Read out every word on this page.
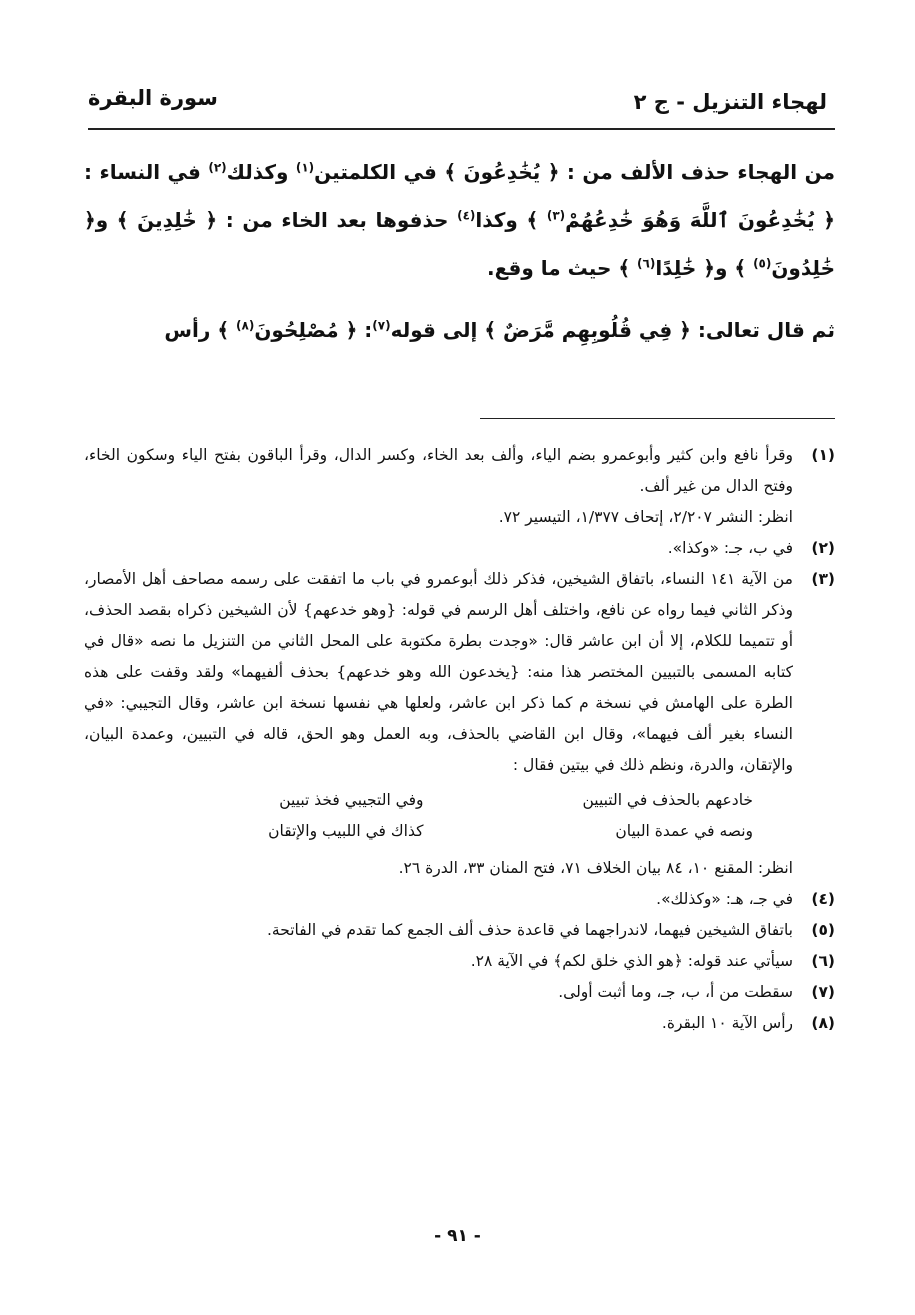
لهجاء التنزيل - ج ٢
سورة البقرة

من الهجاء حذف الألف من : ﴿ يُخَٰدِعُونَ ﴾ في الكلمتين$^{(١)}$ وكذلك$^{(٢)}$ في النساء : ﴿ يُخَٰدِعُونَ ٱللَّهَ وَهُوَ خَٰدِعُهُمْ$^{(٣)}$ ﴾ وكذا$^{(٤)}$ حذفوها بعد الخاء من : ﴿ خَٰلِدِينَ ﴾ و﴿ خَٰلِدُونَ$^{(٥)}$ ﴾ و﴿ خَٰلِدًا$^{(٦)}$ ﴾ حيث ما وقع.

ثم قال تعالى: ﴿ فِي قُلُوبِهِم مَّرَضٌ ﴾ إلى قوله$^{(٧)}$: ﴿ مُصْلِحُونَ$^{(٨)}$ ﴾ رأس

(١)

وقرأ نافع وابن كثير وأبوعمرو بضم الياء، وألف بعد الخاء، وكسر الدال، وقرأ الباقون بفتح الياء وسكون الخاء، وفتح الدال من غير ألف.

انظر: النشر ٢/٢٠٧، إتحاف ١/٣٧٧، التيسير ٧٢.

(٢)

في ب، جـ: «وكذا».

(٣)

من الآية ١٤١ النساء، باتفاق الشيخين، فذكر ذلك أبوعمرو في باب ما اتفقت على رسمه مصاحف أهل الأمصار، وذكر الثاني فيما رواه عن نافع، واختلف أهل الرسم في قوله: {وهو خدعهم} لأن الشيخين ذكراه بقصد الحذف، أو تتميما للكلام، إلا أن ابن عاشر قال: «وجدت بطرة مكتوبة على المحل الثاني من التنزيل ما نصه «قال في كتابه المسمى بالتبيين المختصر هذا منه: {يخدعون الله وهو خدعهم} بحذف ألفيهما» ولقد وقفت على هذه الطرة على الهامش في نسخة م كما ذكر ابن عاشر، ولعلها هي نفسها نسخة ابن عاشر، وقال التجيبي: «في النساء بغير ألف فيهما»، وقال ابن القاضي بالحذف، وبه العمل وهو الحق، قاله في التبيين، وعمدة البيان، والإتقان، والدرة، ونظم ذلك في بيتين فقال :

خادعهم بالحذف في التبيين
وفي التجيبي فخذ تبيين
ونصه في عمدة البيان
كذاك في اللبيب والإتقان

انظر: المقنع ١٠، ٨٤ بيان الخلاف ٧١، فتح المنان ٣٣، الدرة ٢٦.

(٤)

في جـ، هـ: «وكذلك».

(٥)

باتفاق الشيخين فيهما، لاندراجهما في قاعدة حذف ألف الجمع كما تقدم في الفاتحة.

(٦)

سيأتي عند قوله: ﴿هو الذي خلق لكم﴾ في الآية ٢٨.

(٧)

سقطت من أ، ب، جـ، وما أثبت أولى.

(٨)

رأس الآية ١٠ البقرة.

- ٩١ -
